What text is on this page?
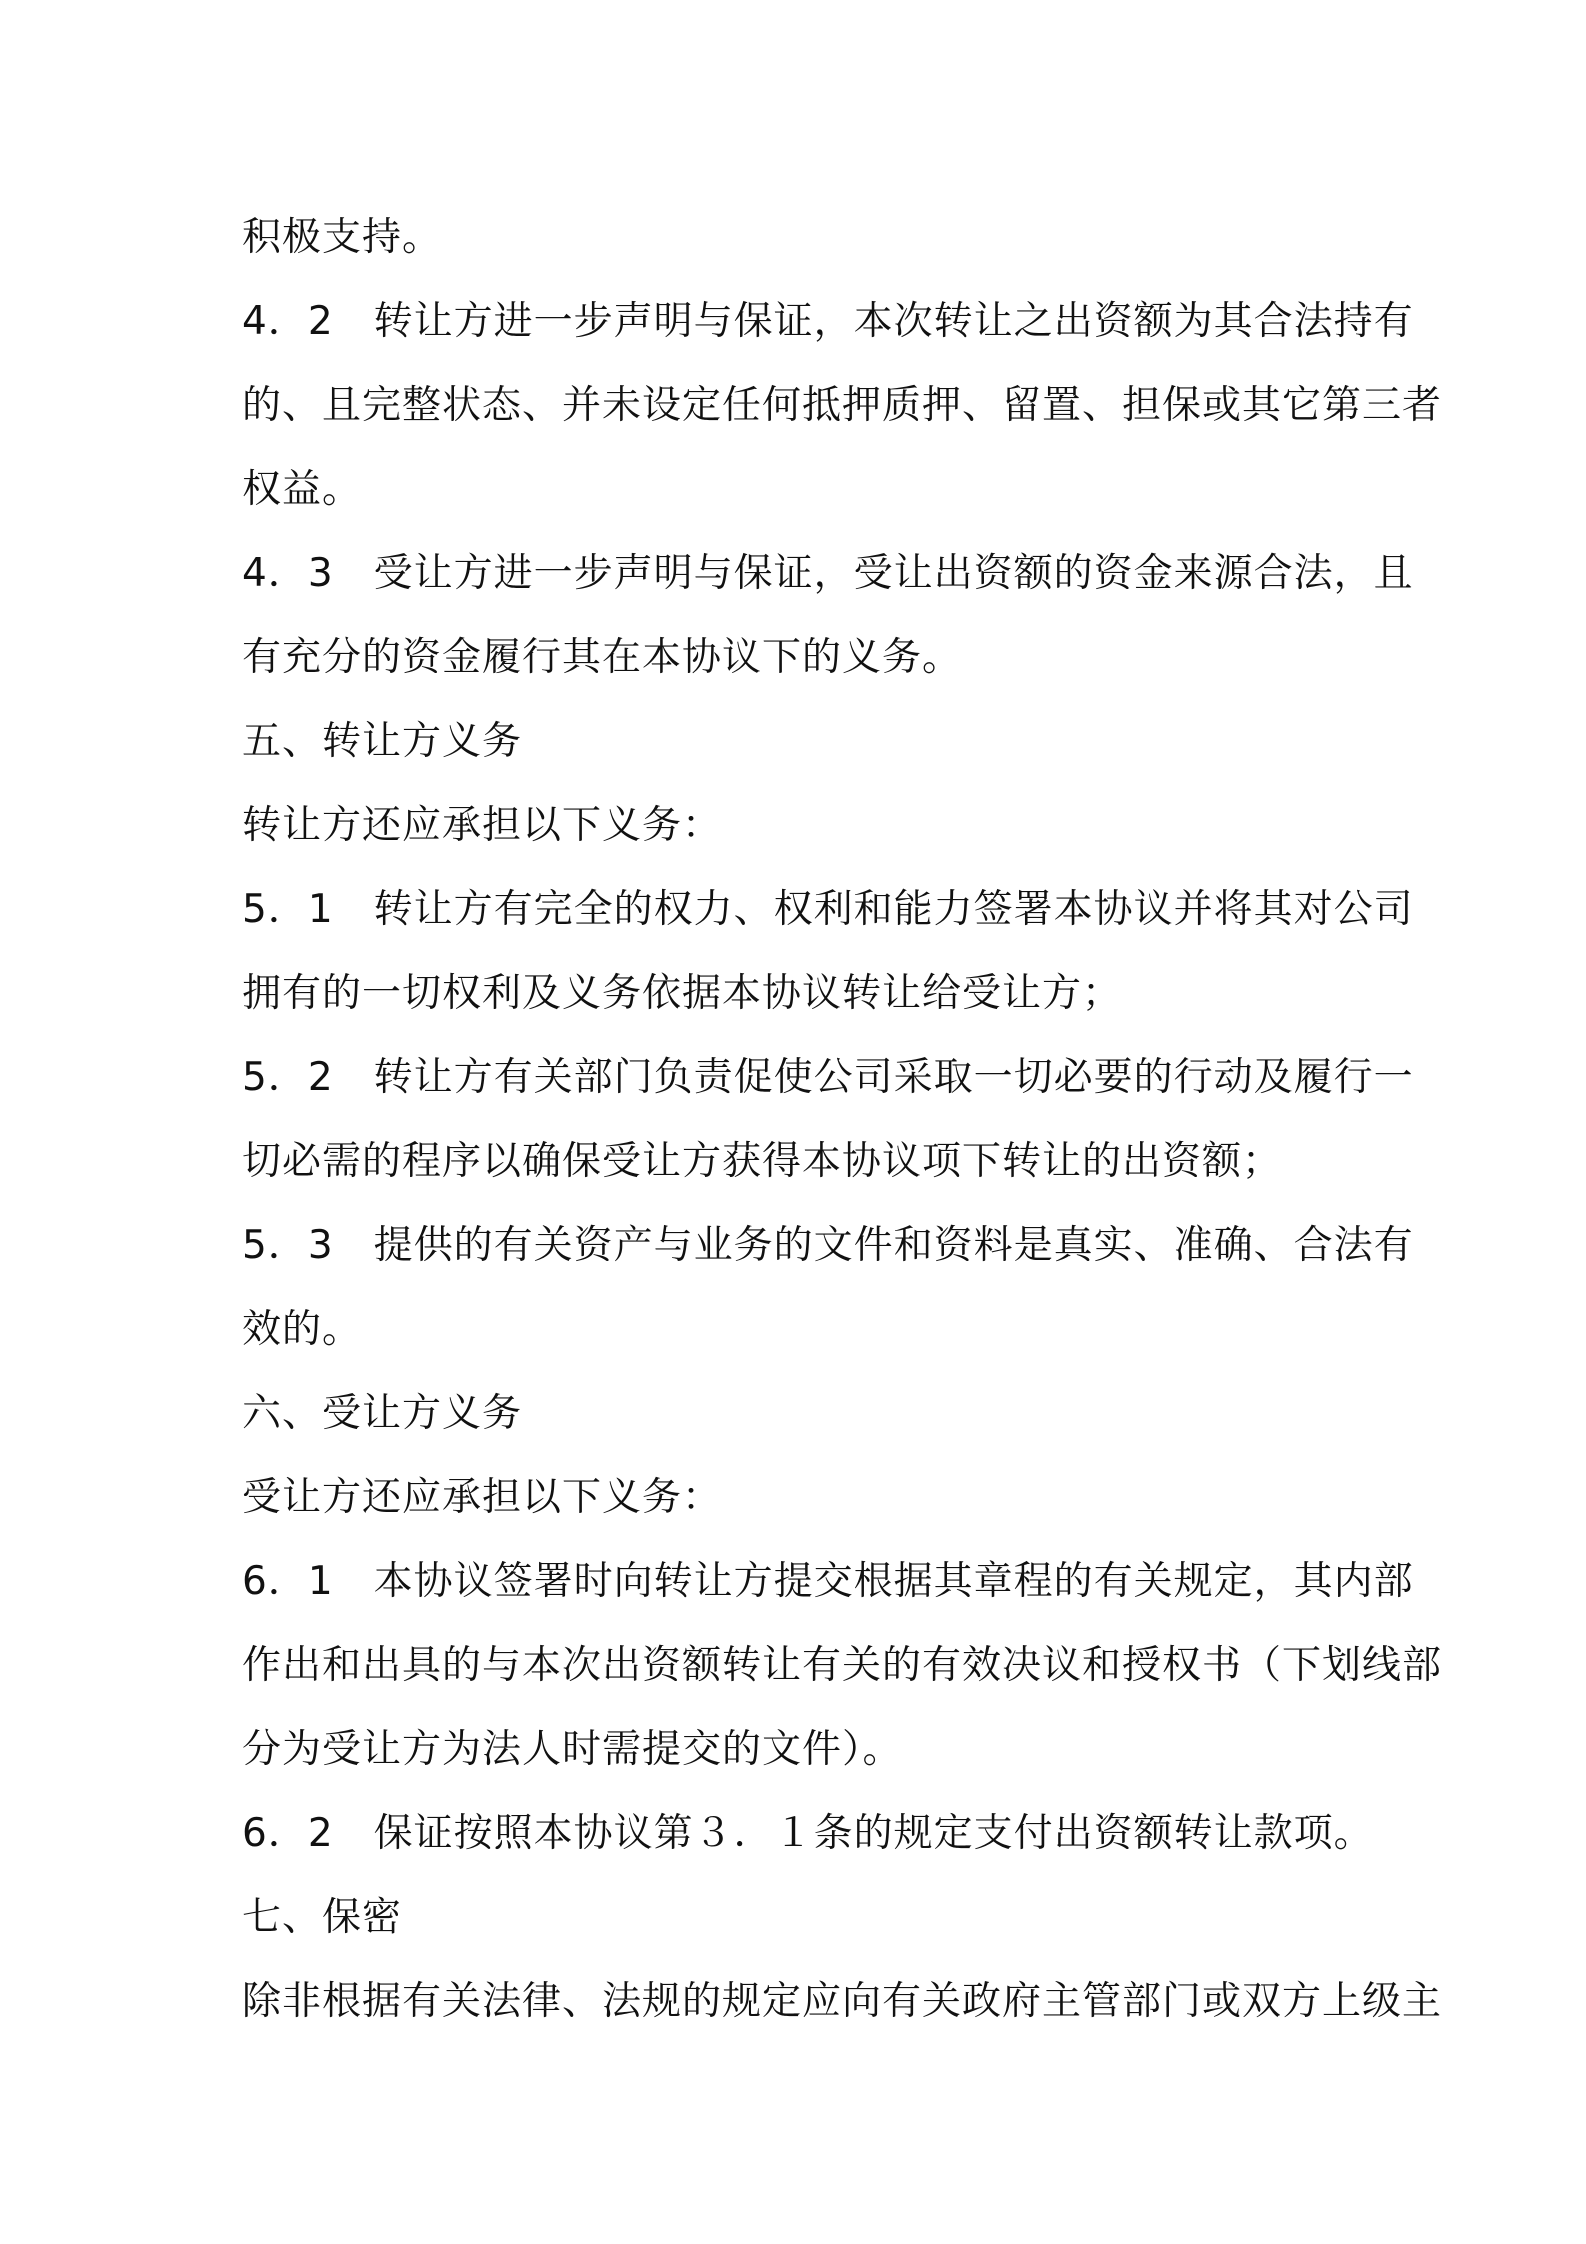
积极支持。
4．2　转让方进一步声明与保证，本次转让之出资额为其合法持有
的、且完整状态、并未设定任何抵押质押、留置、担保或其它第三者
权益。
4．3　受让方进一步声明与保证，受让出资额的资金来源合法，且
有充分的资金履行其在本协议下的义务。
五、转让方义务
转让方还应承担以下义务：
5．1　转让方有完全的权力、权利和能力签署本协议并将其对公司
拥有的一切权利及义务依据本协议转让给受让方；
5．2　转让方有关部门负责促使公司采取一切必要的行动及履行一
切必需的程序以确保受让方获得本协议项下转让的出资额；
5．3　提供的有关资产与业务的文件和资料是真实、准确、合法有
效的。
六、受让方义务
受让方还应承担以下义务：
6．1　本协议签署时向转让方提交根据其章程的有关规定，其内部
作出和出具的与本次出资额转让有关的有效决议和授权书（下划线部
分为受让方为法人时需提交的文件）。
6．2　保证按照本协议第３．１条的规定支付出资额转让款项。
七、保密
除非根据有关法律、法规的规定应向有关政府主管部门或双方上级主
